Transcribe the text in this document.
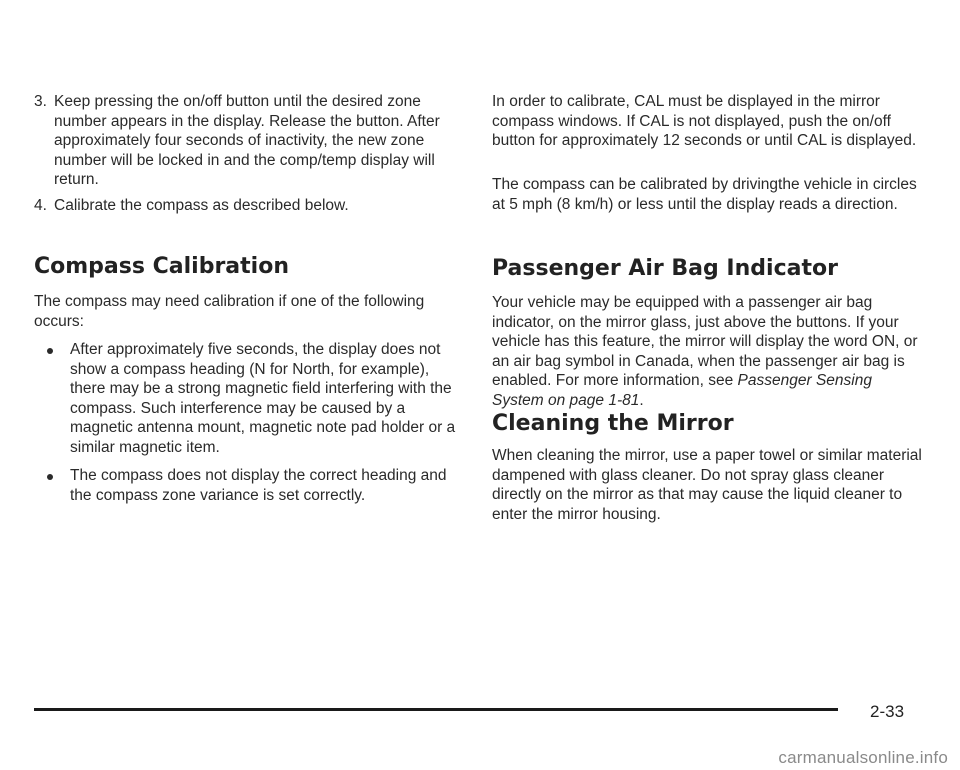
3. Keep pressing the on/off button until the desired zone number appears in the display. Release the button. After approximately four seconds of inactivity, the new zone number will be locked in and the comp/temp display will return.
4. Calibrate the compass as described below.
Compass Calibration

The compass may need calibration if one of the following occurs:

After approximately five seconds, the display does not show a compass heading (N for North, for example), there may be a strong magnetic field interfering with the compass. Such interference may be caused by a magnetic antenna mount, magnetic note pad holder or a similar magnetic item.
The compass does not display the correct heading and the compass zone variance is set correctly.

In order to calibrate, CAL must be displayed in the mirror compass windows. If CAL is not displayed, push the on/off button for approximately 12 seconds or until CAL is displayed.

The compass can be calibrated by drivingthe vehicle in circles at 5 mph (8 km/h) or less until the display reads a direction.

Passenger Air Bag Indicator

Your vehicle may be equipped with a passenger air bag indicator, on the mirror glass, just above the buttons. If your vehicle has this feature, the mirror will display the word ON, or an air bag symbol in Canada, when the passenger air bag is enabled. For more information, see Passenger Sensing System on page 1-81.

Cleaning the Mirror

When cleaning the mirror, use a paper towel or similar material dampened with glass cleaner. Do not spray glass cleaner directly on the mirror as that may cause the liquid cleaner to enter the mirror housing.

2-33
carmanualsonline.info
